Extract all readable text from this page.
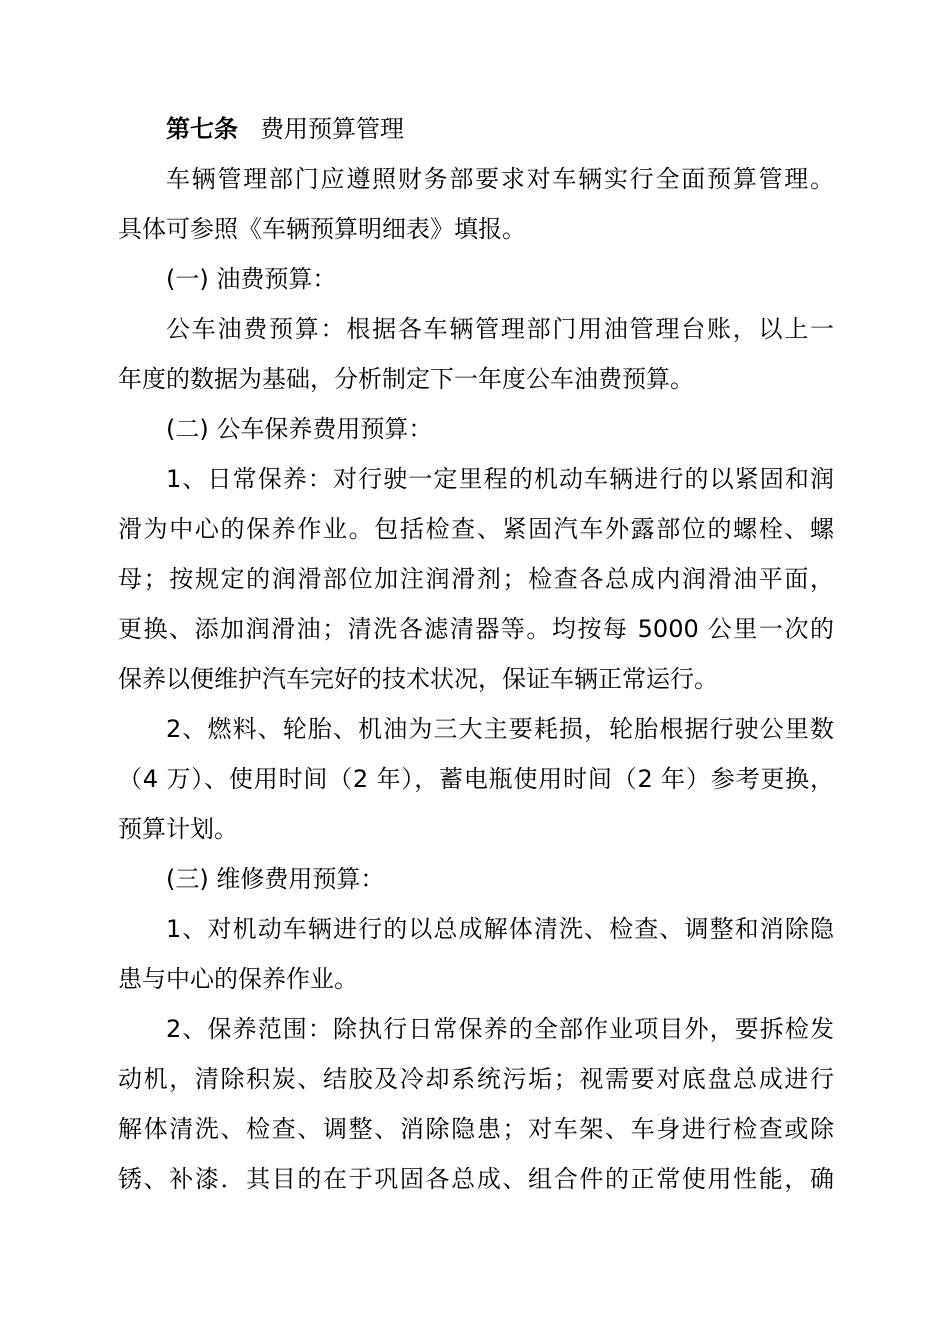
第七条 费用预算管理
车辆管理部门应遵照财务部要求对车辆实行全面预算管理。
具体可参照《车辆预算明细表》填报。
(一) 油费预算：
公车油费预算：根据各车辆管理部门用油管理台账，以上一
年度的数据为基础，分析制定下一年度公车油费预算。
(二) 公车保养费用预算：
1、日常保养：对行驶一定里程的机动车辆进行的以紧固和润
滑为中心的保养作业。包括检查、紧固汽车外露部位的螺栓、螺
母；按规定的润滑部位加注润滑剂；检查各总成内润滑油平面，
更换、添加润滑油；清洗各滤清器等。均按每 5000 公里一次的
保养以便维护汽车完好的技术状况，保证车辆正常运行。
2、燃料、轮胎、机油为三大主要耗损，轮胎根据行驶公里数
（4 万）、使用时间（2 年），蓄电瓶使用时间（2 年）参考更换，
预算计划。
(三) 维修费用预算：
1、对机动车辆进行的以总成解体清洗、检查、调整和消除隐
患与中心的保养作业。
2、保养范围：除执行日常保养的全部作业项目外，要拆检发
动机，清除积炭、结胶及冷却系统污垢；视需要对底盘总成进行
解体清洗、检查、调整、消除隐患；对车架、车身进行检查或除
锈、补漆．其目的在于巩固各总成、组合件的正常使用性能，确
